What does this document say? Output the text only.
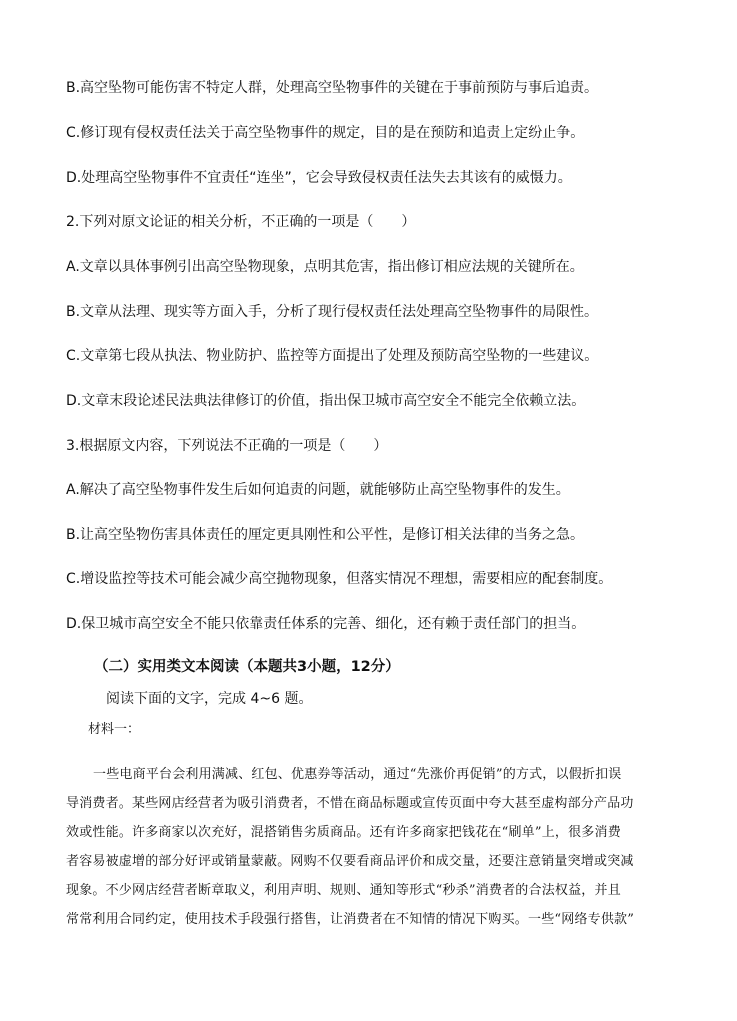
B.高空坠物可能伤害不特定人群，处理高空坠物事件的关键在于事前预防与事后追责。
C.修订现有侵权责任法关于高空坠物事件的规定，目的是在预防和追责上定纷止争。
D.处理高空坠物事件不宜责任“连坐”，它会导致侵权责任法失去其该有的威慑力。
2.下列对原文论证的相关分析，不正确的一项是（　　）
A.文章以具体事例引出高空坠物现象，点明其危害，指出修订相应法规的关键所在。
B.文章从法理、现实等方面入手，分析了现行侵权责任法处理高空坠物事件的局限性。
C.文章第七段从执法、物业防护、监控等方面提出了处理及预防高空坠物的一些建议。
D.文章末段论述民法典法律修订的价值，指出保卫城市高空安全不能完全依赖立法。
3.根据原文内容，下列说法不正确的一项是（　　）
A.解决了高空坠物事件发生后如何追责的问题，就能够防止高空坠物事件的发生。
B.让高空坠物伤害具体责任的厘定更具刚性和公平性，是修订相关法律的当务之急。
C.增设监控等技术可能会减少高空抛物现象，但落实情况不理想，需要相应的配套制度。
D.保卫城市高空安全不能只依靠责任体系的完善、细化，还有赖于责任部门的担当。
（二）实用类文本阅读（本题共3小题，12分）
阅读下面的文字，完成 4~6 题。
材料一：
一些电商平台会利用满减、红包、优惠券等活动，通过“先涨价再促销”的方式，以假折扣误
导消费者。某些网店经营者为吸引消费者，不惜在商品标题或宣传页面中夸大甚至虚构部分产品功
效或性能。许多商家以次充好，混搭销售劣质商品。还有许多商家把钱花在“刷单”上，很多消费
者容易被虚增的部分好评或销量蒙蔽。网购不仅要看商品评价和成交量，还要注意销量突增或突减
现象。不少网店经营者断章取义，利用声明、规则、通知等形式“秒杀”消费者的合法权益，并且
常常利用合同约定，使用技术手段强行搭售，让消费者在不知情的情况下购买。一些“网络专供款”
